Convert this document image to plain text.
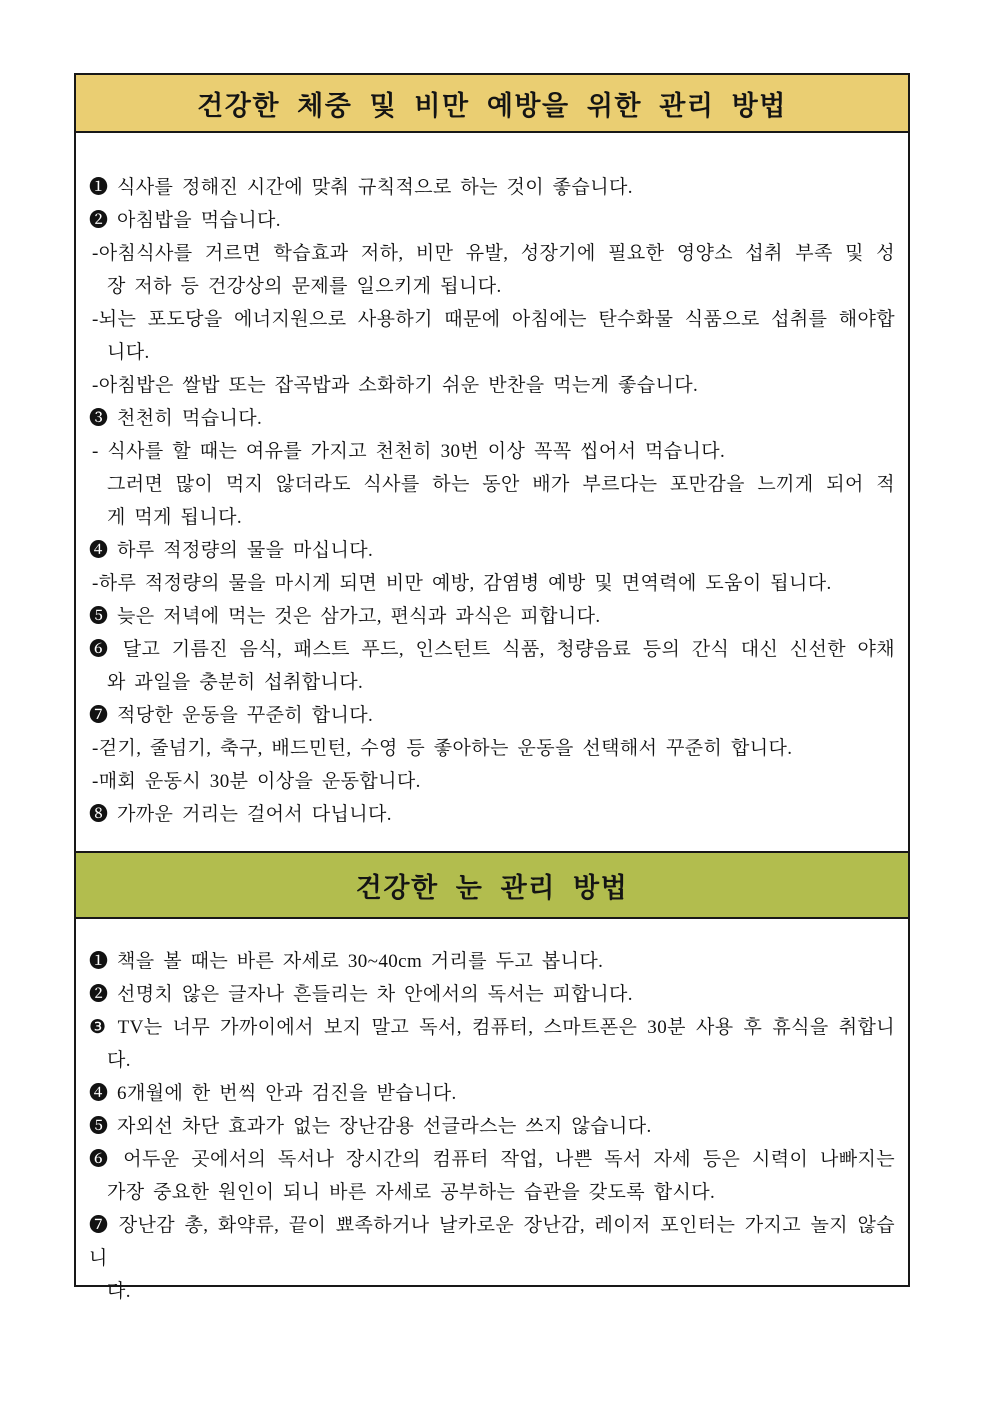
건강한 체중 및 비만 예방을 위한 관리 방법
❶ 식사를 정해진 시간에 맞춰 규칙적으로 하는 것이 좋습니다.
❷ 아침밥을 먹습니다.
-아침식사를 거르면 학습효과 저하, 비만 유발, 성장기에 필요한 영양소 섭취 부족 및 성
장 저하 등 건강상의 문제를 일으키게 됩니다.
-뇌는 포도당을 에너지원으로 사용하기 때문에 아침에는 탄수화물 식품으로 섭취를 해야합
니다.
-아침밥은 쌀밥 또는 잡곡밥과 소화하기 쉬운 반찬을 먹는게 좋습니다.
❸ 천천히 먹습니다.
- 식사를 할 때는 여유를 가지고 천천히 30번 이상 꼭꼭 씹어서 먹습니다.
그러면 많이 먹지 않더라도 식사를 하는 동안 배가 부르다는 포만감을 느끼게 되어 적
게 먹게 됩니다.
❹ 하루 적정량의 물을 마십니다.
-하루 적정량의 물을 마시게 되면 비만 예방, 감염병 예방 및 면역력에 도움이 됩니다.
❺ 늦은 저녁에 먹는 것은 삼가고, 편식과 과식은 피합니다.
❻ 달고 기름진 음식, 패스트 푸드, 인스턴트 식품, 청량음료 등의 간식 대신 신선한 야채
와 과일을 충분히 섭취합니다.
❼ 적당한 운동을 꾸준히 합니다.
-걷기, 줄넘기, 축구, 배드민턴, 수영 등 좋아하는 운동을 선택해서 꾸준히 합니다.
-매회 운동시 30분 이상을 운동합니다.
❽ 가까운 거리는 걸어서 다닙니다.
건강한 눈 관리 방법
❶ 책을 볼 때는 바른 자세로 30~40cm 거리를 두고 봅니다.
❷ 선명치 않은 글자나 흔들리는 차 안에서의 독서는 피합니다.
❸ TV는 너무 가까이에서 보지 말고 독서, 컴퓨터, 스마트폰은 30분 사용 후 휴식을 취합니
다.
❹ 6개월에 한 번씩 안과 검진을 받습니다.
❺ 자외선 차단 효과가 없는 장난감용 선글라스는 쓰지 않습니다.
❻ 어두운 곳에서의 독서나 장시간의 컴퓨터 작업, 나쁜 독서 자세 등은 시력이 나빠지는
가장 중요한 원인이 되니 바른 자세로 공부하는 습관을 갖도록 합시다.
❼ 장난감 총, 화약류, 끝이 뾰족하거나 날카로운 장난감, 레이저 포인터는 가지고 놀지 않습니
다.
